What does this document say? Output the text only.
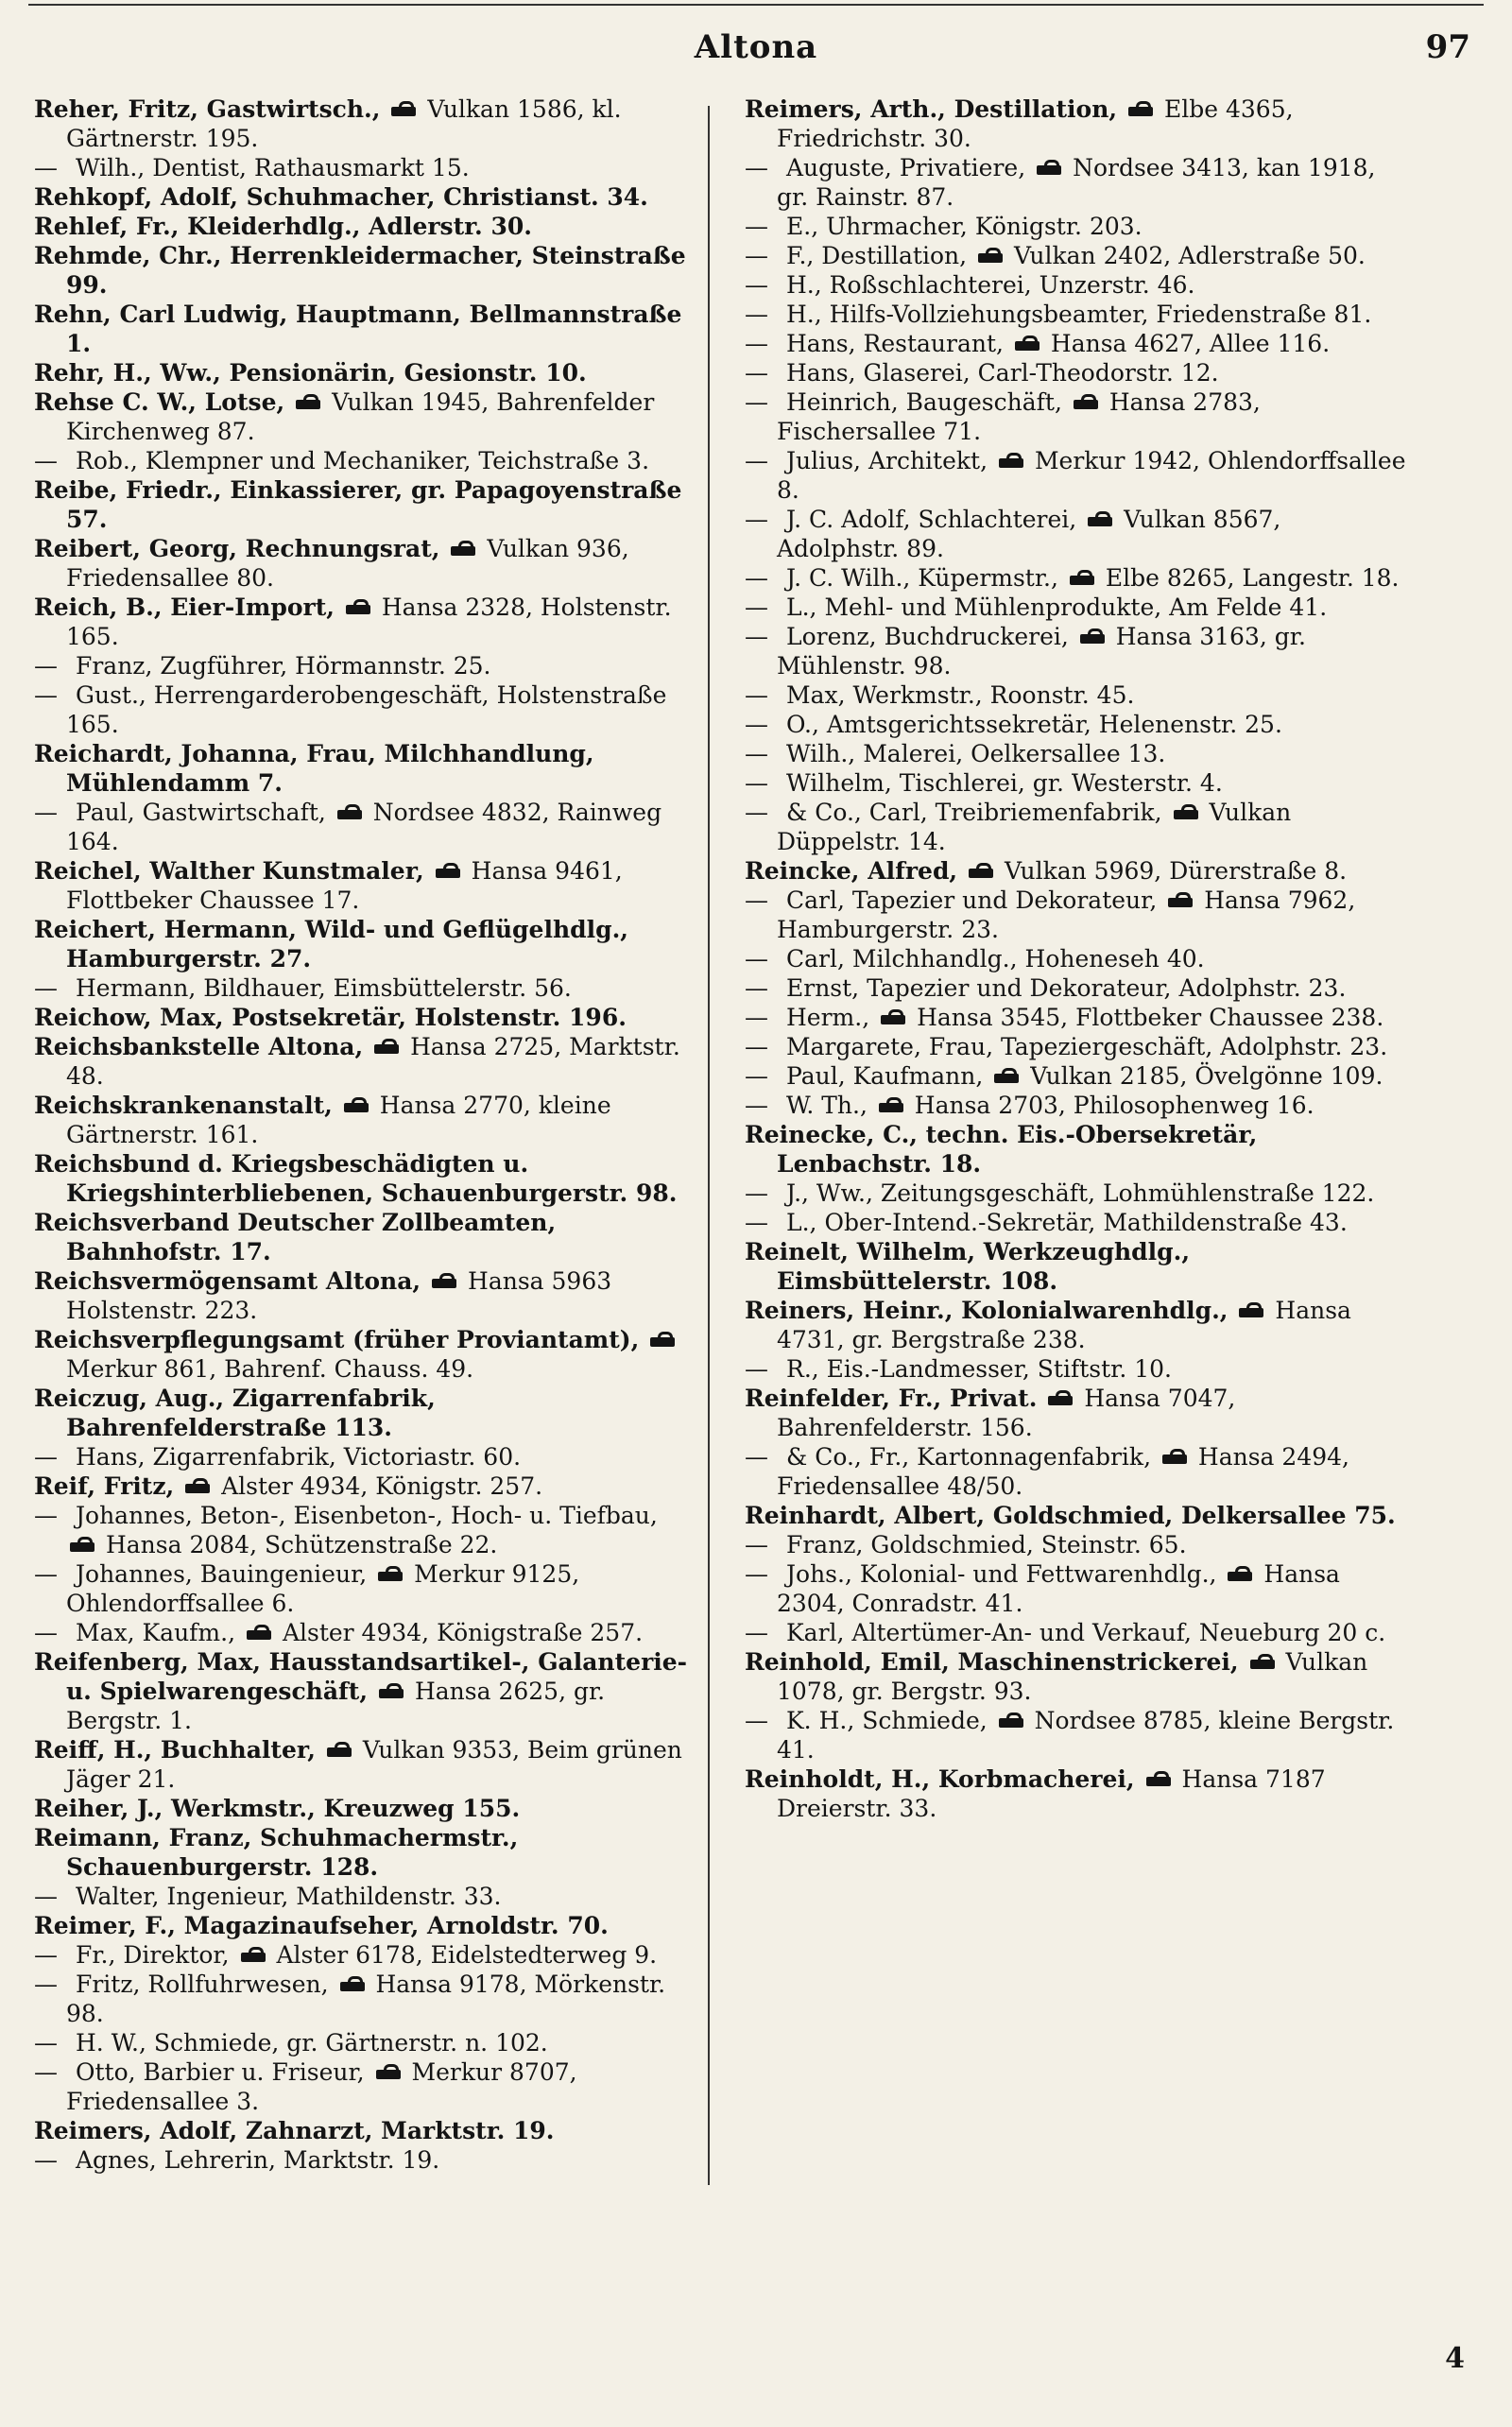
Altona	97
Reher, Fritz, Gastwirtsch., Vulkan 1586, kl. Gärtnerstr. 195.
— Wilh., Dentist, Rathausmarkt 15.
Rehkopf, Adolf, Schuhmacher, Christianst. 34.
Rehlef, Fr., Kleiderhdlg., Adlerstr. 30.
Rehmde, Chr., Herrenkleidermacher, Steinstraße 99.
Rehn, Carl Ludwig, Hauptmann, Bellmannstraße 1.
Rehr, H., Ww., Pensionärin, Gesionstr. 10.
Rehse C. W., Lotse, Vulkan 1945, Bahrenfelder Kirchenweg 87.
— Rob., Klempner und Mechaniker, Teichstraße 3.
Reibe, Friedr., Einkassierer, gr. Papagoyenstraße 57.
Reibert, Georg, Rechnungsrat, Vulkan 936, Friedensallee 80.
Reich, B., Eier-Import, Hansa 2328, Holstenstr. 165.
— Franz, Zugführer, Hörmannstr. 25.
— Gust., Herrengarderobengeschäft, Holstenstraße 165.
Reichardt, Johanna, Frau, Milchhandlung, Mühlendamm 7.
— Paul, Gastwirtschaft, Nordsee 4832, Rainweg 164.
Reichel, Walther Kunstmaler, Hansa 9461, Flottbeker Chaussee 17.
Reichert, Hermann, Wild- und Geflügelhdlg., Hamburgerstr. 27.
— Hermann, Bildhauer, Eimsbüttelerstr. 56.
Reichow, Max, Postsekretär, Holstenstr. 196.
Reichsbankstelle Altona, Hansa 2725, Marktstr. 48.
Reichskrankenanstalt, Hansa 2770, kleine Gärtnerstr. 161.
Reichsbund d. Kriegsbeschädigten u. Kriegshinterbliebenen, Schauenburgerstr. 98.
Reichsverband Deutscher Zollbeamten, Bahnhofstr. 17.
Reichsvermögensamt Altona, Hansa 5963 Holstenstr. 223.
Reichsverpflegungsamt (früher Proviantamt),  Merkur 861, Bahrenf. Chauss. 49.
Reiczug, Aug., Zigarrenfabrik, Bahrenfelderstraße 113.
— Hans, Zigarrenfabrik, Victoriastr. 60.
Reif, Fritz, Alster 4934, Königstr. 257.
— Johannes, Beton-, Eisenbeton-, Hoch- u. Tiefbau,  Hansa 2084, Schützenstraße 22.
— Johannes, Bauingenieur, Merkur 9125, Ohlendorffsallee 6.
— Max, Kaufm., Alster 4934, Königstraße 257.
Reifenberg, Max, Hausstandsartikel-, Galanterie- u. Spielwarengeschäft, Hansa 2625, gr. Bergstr. 1.
Reiff, H., Buchhalter, Vulkan 9353, Beim grünen Jäger 21.
Reiher, J., Werkmstr., Kreuzweg 155.
Reimann, Franz, Schuhmachermstr., Schauenburgerstr. 128.
— Walter, Ingenieur, Mathildenstr. 33.
Reimer, F., Magazinaufseher, Arnoldstr. 70.
— Fr., Direktor, Alster 6178, Eidelstedterweg 9.
— Fritz, Rollfuhrwesen, Hansa 9178, Mörkenstr. 98.
— H. W., Schmiede, gr. Gärtnerstr. n. 102.
— Otto, Barbier u. Friseur, Merkur 8707, Friedensallee 3.
Reimers, Adolf, Zahnarzt, Marktstr. 19.
— Agnes, Lehrerin, Marktstr. 19.
Reimers, Arth., Destillation, Elbe 4365, Friedrichstr. 30.
— Auguste, Privatiere, Nordsee 3413, kan 1918, gr. Rainstr. 87.
— E., Uhrmacher, Königstr. 203.
— F., Destillation, Vulkan 2402, Adlerstraße 50.
— H., Roßschlachterei, Unzerstr. 46.
— H., Hilfs-Vollziehungsbeamter, Friedenstraße 81.
— Hans, Restaurant, Hansa 4627, Allee 116.
— Hans, Glaserei, Carl-Theodorstr. 12.
— Heinrich, Baugeschäft, Hansa 2783, Fischersallee 71.
— Julius, Architekt, Merkur 1942, Ohlendorffsallee 8.
— J. C. Adolf, Schlachterei, Vulkan 8567, Adolphstr. 89.
— J. C. Wilh., Küpermstr., Elbe 8265, Langestr. 18.
— L., Mehl- und Mühlenprodukte, Am Felde 41.
— Lorenz, Buchdruckerei, Hansa 3163, gr. Mühlenstr. 98.
— Max, Werkmstr., Roonstr. 45.
— O., Amtsgerichtssekretär, Helenenstr. 25.
— Wilh., Malerei, Oelkersallee 13.
— Wilhelm, Tischlerei, gr. Westerstr. 4.
— & Co., Carl, Treibriemenfabrik, Vulkan Düppelstr. 14.
Reincke, Alfred, Vulkan 5969, Dürerstraße 8.
— Carl, Tapezier und Dekorateur, Hansa 7962, Hamburgerstr. 23.
— Carl, Milchhandlg., Hoheneseh 40.
— Ernst, Tapezier und Dekorateur, Adolphstr. 23.
— Herm., Hansa 3545, Flottbeker Chaussee 238.
— Margarete, Frau, Tapeziergeschäft, Adolphstr. 23.
— Paul, Kaufmann, Vulkan 2185, Övelgönne 109.
— W. Th., Hansa 2703, Philosophenweg 16.
Reinecke, C., techn. Eis.-Obersekretär, Lenbachstr. 18.
— J., Ww., Zeitungsgeschäft, Lohmühlenstraße 122.
— L., Ober-Intend.-Sekretär, Mathildenstraße 43.
Reinelt, Wilhelm, Werkzeughdlg., Eimsbüttelerstr. 108.
Reiners, Heinr., Kolonialwarenhdlg., Hansa 4731, gr. Bergstraße 238.
— R., Eis.-Landmesser, Stiftstr. 10.
Reinfelder, Fr., Privat. Hansa 7047, Bahrenfelderstr. 156.
— & Co., Fr., Kartonnagenfabrik, Hansa 2494, Friedensallee 48/50.
Reinhardt, Albert, Goldschmied, Delkersallee 75.
— Franz, Goldschmied, Steinstr. 65.
— Johs., Kolonial- und Fettwarenhdlg., Hansa 2304, Conradstr. 41.
— Karl, Altertümer-An- und Verkauf, Neueburg 20 c.
Reinhold, Emil, Maschinenstrickerei, Vulkan 1078, gr. Bergstr. 93.
— K. H., Schmiede, Nordsee 8785, kleine Bergstr. 41.
Reinholdt, H., Korbmacherei, Hansa 7187 Dreierstr. 33.
4
